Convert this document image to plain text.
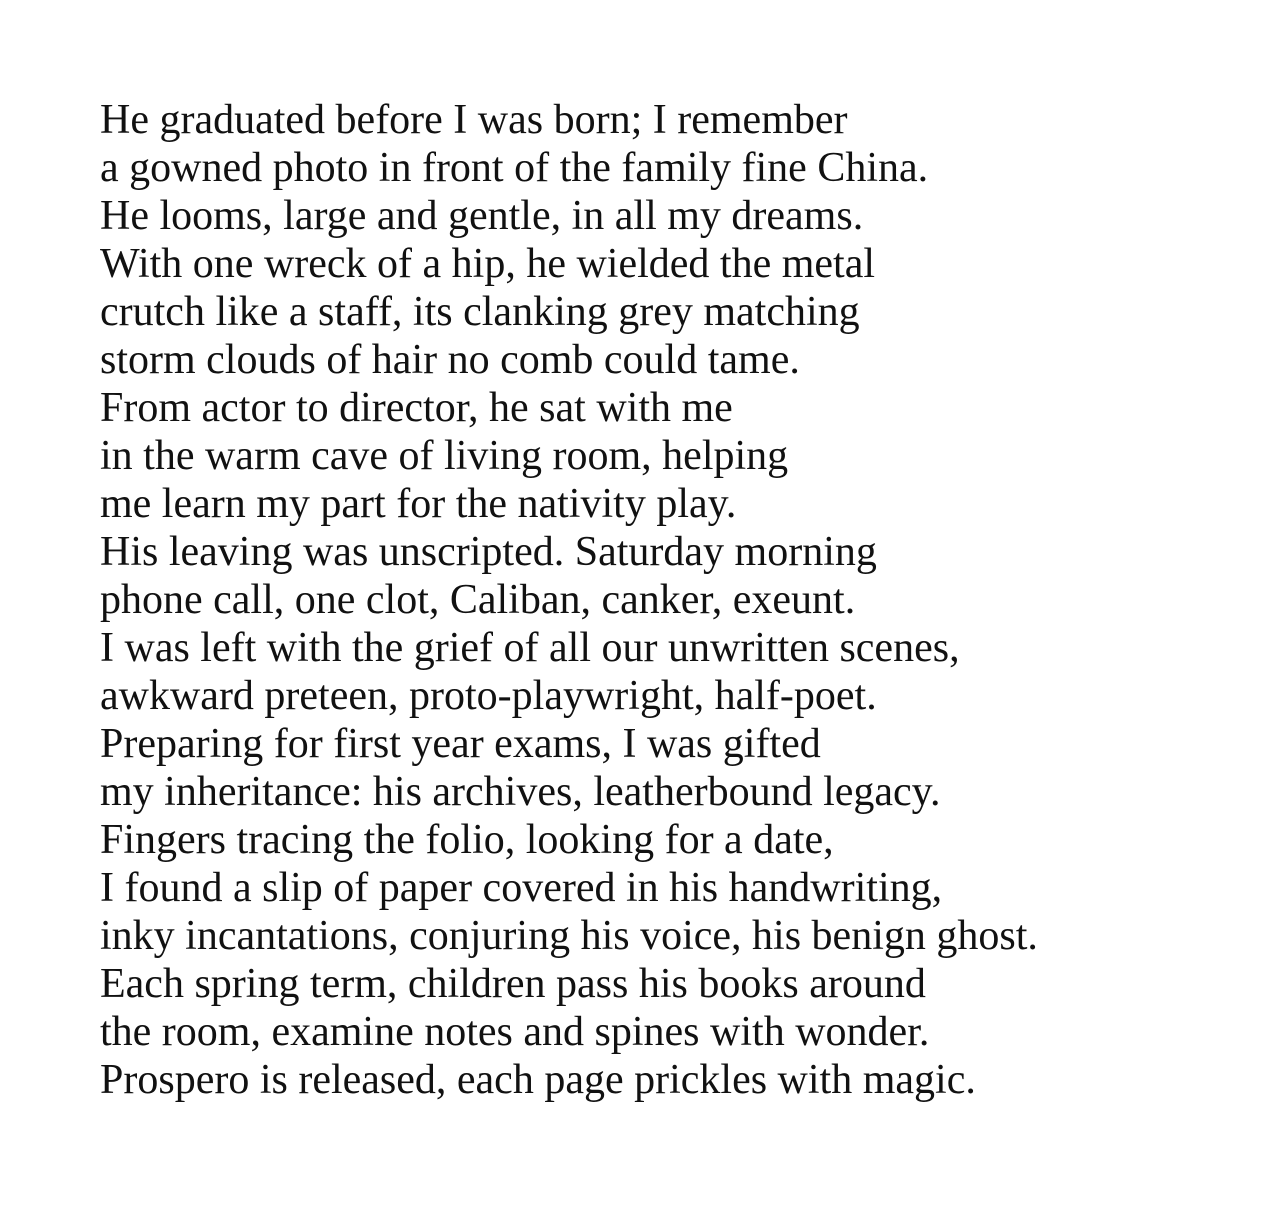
He graduated before I was born; I remember
a gowned photo in front of the family fine China.
He looms, large and gentle, in all my dreams.
With one wreck of a hip, he wielded the metal
crutch like a staff, its clanking grey matching
storm clouds of hair no comb could tame.
From actor to director, he sat with me
in the warm cave of living room, helping
me learn my part for the nativity play.
His leaving was unscripted. Saturday morning
phone call, one clot, Caliban, canker, exeunt.
I was left with the grief of all our unwritten scenes,
awkward preteen, proto-playwright, half-poet.
Preparing for first year exams, I was gifted
my inheritance: his archives, leatherbound legacy.
Fingers tracing the folio, looking for a date,
I found a slip of paper covered in his handwriting,
inky incantations, conjuring his voice, his benign ghost.
Each spring term, children pass his books around
the room, examine notes and spines with wonder.
Prospero is released, each page prickles with magic.
